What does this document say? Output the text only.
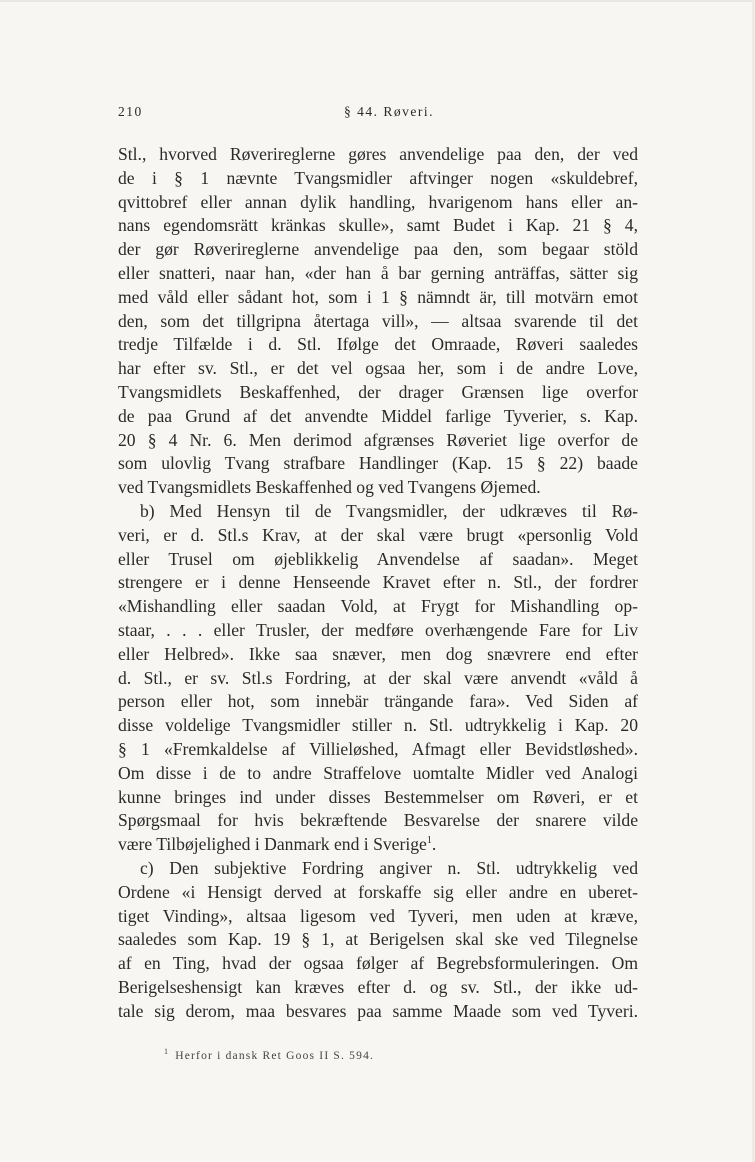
210	§ 44. Røveri.
Stl., hvorved Røverireglerne gøres anvendelige paa den, der ved
de i § 1 nævnte Tvangsmidler aftvinger nogen «skuldebref,
qvittobref eller annan dylik handling, hvarigenom hans eller an-
nans egendomsrätt kränkas skulle», samt Budet i Kap. 21 § 4,
der gør Røverireglerne anvendelige paa den, som begaar stöld
eller snatteri, naar han, «der han å bar gerning anträffas, sätter sig
med våld eller sådant hot, som i 1 § nämndt är, till motvärn emot
den, som det tillgripna återtaga vill», — altsaa svarende til det
tredje Tilfælde i d. Stl. Ifølge det Omraade, Røveri saaledes
har efter sv. Stl., er det vel ogsaa her, som i de andre Love,
Tvangsmidlets Beskaffenhed, der drager Grænsen lige overfor
de paa Grund af det anvendte Middel farlige Tyverier, s. Kap.
20 § 4 Nr. 6. Men derimod afgrænses Røveriet lige overfor de
som ulovlig Tvang strafbare Handlinger (Kap. 15 § 22) baade
ved Tvangsmidlets Beskaffenhed og ved Tvangens Øjemed.
b) Med Hensyn til de Tvangsmidler, der udkræves til Rø-
veri, er d. Stl.s Krav, at der skal være brugt «personlig Vold
eller Trusel om øjeblikkelig Anvendelse af saadan». Meget
strengere er i denne Henseende Kravet efter n. Stl., der fordrer
«Mishandling eller saadan Vold, at Frygt for Mishandling op-
staar, . . . eller Trusler, der medføre overhængende Fare for Liv
eller Helbred». Ikke saa snæver, men dog snævrere end efter
d. Stl., er sv. Stl.s Fordring, at der skal være anvendt «våld å
person eller hot, som innebär trängande fara». Ved Siden af
disse voldelige Tvangsmidler stiller n. Stl. udtrykkelig i Kap. 20
§ 1 «Fremkaldelse af Villieløshed, Afmagt eller Bevidstløshed».
Om disse i de to andre Straffelove uomtalte Midler ved Analogi
kunne bringes ind under disses Bestemmelser om Røveri, er et
Spørgsmaal for hvis bekræftende Besvarelse der snarere vilde
være Tilbøjelighed i Danmark end i Sverige$^1$.
c) Den subjektive Fordring angiver n. Stl. udtrykkelig ved
Ordene «i Hensigt derved at forskaffe sig eller andre en uberet-
tiget Vinding», altsaa ligesom ved Tyveri, men uden at kræve,
saaledes som Kap. 19 § 1, at Berigelsen skal ske ved Tilegnelse
af en Ting, hvad der ogsaa følger af Begrebsformuleringen. Om
Berigelseshensigt kan kræves efter d. og sv. Stl., der ikke ud-
tale sig derom, maa besvares paa samme Maade som ved Tyveri.
$^1$ Herfor i dansk Ret Goos II S. 594.
